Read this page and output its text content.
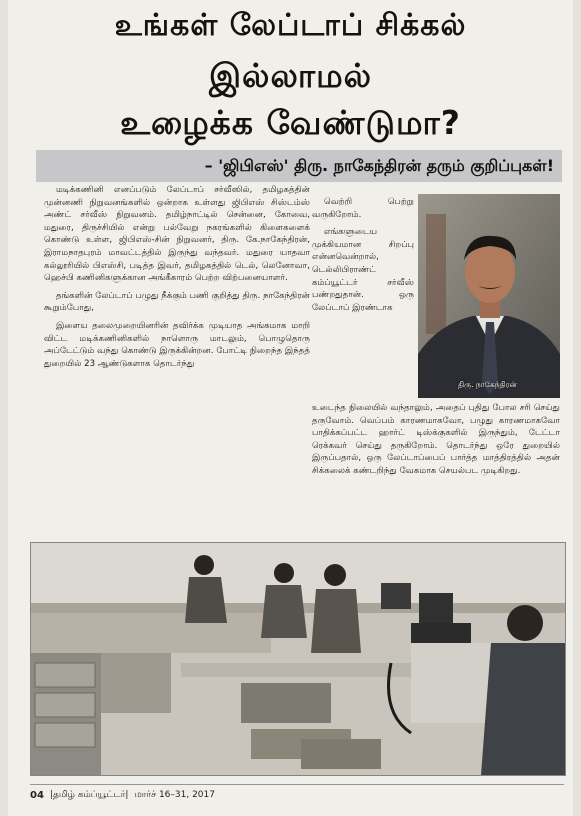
உங்கள் லேப்டாப் சிக்கல்
இல்லாமல்
உழைக்க வேண்டுமா?
– 'ஜிபிஎஸ்' திரு. நாகேந்திரன் தரும் குறிப்புகள்!

மடிக்கணினி எனப்படும் லேப்டாப் சர்வீஸில், தமிழகத்தின் முன்னணி நிறுவனங்களில் ஒன்றாக உள்ளது ஜிபிஎஸ் சிஸ்டம்ஸ் அண்ட் சர்வீஸ் நிறுவனம். தமிழ்நாட்டில் சென்னை, கோவை, மதுரை, திருச்சியில் என்று பல்வேறு நகரங்களில் கிளைகளைக் கொண்டு உள்ள, ஜிபிஎஸ்-சின் நிறுவனர், திரு. கே.நாகேந்திரன், இராமநாதபுரம் மாவட்டத்தில் இருந்து வந்தவர். மதுரை யாதவா கல்லூரியில் பிஎஸ்சி, படித்த இவர், தமிழகத்தில் டெல், லெனோவா, ஹெச்பி கணினிகளுக்கான அங்கீகாரம் பெற்ற விற்பனையாளர்.

தங்களின் லேப்டாப் பழுது நீக்கும் பணி குறித்து திரு. நாகேந்திரன் கூறும்போது,

இளைய தலைமுறையினரின் தவிர்க்க முடியாத அங்கமாக மாறி விட்ட மடிக்கணினிகளில் நாளொரு மாடலும், பொழுதொரு அப்டேட்டும் வந்து கொண்டு இருக்கின்றன. போட்டி நிறைந்த இந்தத் துறையில் 23 ஆண்டுகளாக தொடர்ந்து

வெற்றி பெற்று வருகிறோம்.

எங்களுடைய முக்கியமான சிறப்பு என்னவென்றால், டெல்லிபிராண்ட் கம்ப்யூட்டர் சர்வீஸ் பண்றதுதான். ஒரு லேப்டாப் இரண்டாக

திரு. நாகேந்திரன்

உடைந்த நிலையில் வந்தாலும், அதைப் புதிது போல சரி செய்து தருவோம். வெப்பம் காரணமாகவோ, பழுது காரணமாகவோ பாதிக்கப்பட்ட ஹார்ட் டிஸ்க்குகளில் இருந்தும், டேட்டா ரெக்கவர் செய்து தருகிறோம். தொடர்ந்து ஒரே துறையில் இருப்பதால், ஒரு லேப்டாப்பைப் பார்த்த மாத்திரத்தில் அதன் சிக்கலைக் கண்டறிந்து வேகமாக செயல்பட முடிகிறது.

04 |தமிழ் கம்ப்யூட்டர்| மார்ச் 16–31, 2017
